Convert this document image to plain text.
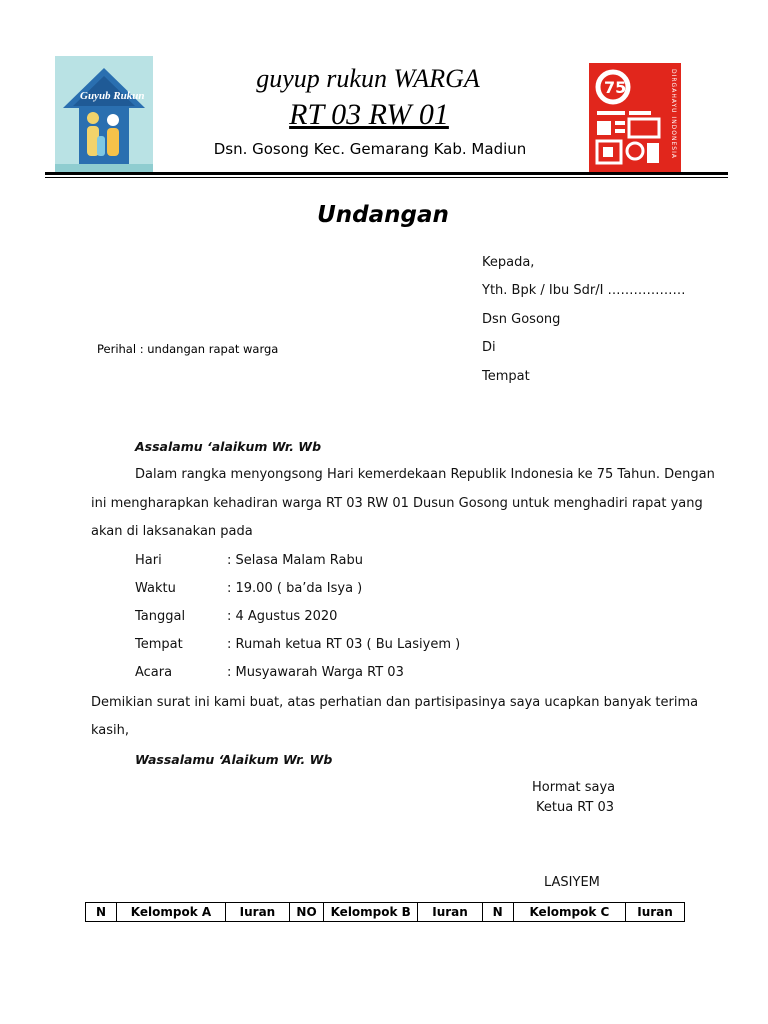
Guyub Rukun
guyup rukun WARGA
RT 03 RW 01
Dsn. Gosong Kec. Gemarang Kab. Madiun
75	DIRGAHAYU INDONESIA
Undangan
Kepada,
Yth. Bpk / Ibu Sdr/I ………………
Dsn Gosong
Di
Tempat
Perihal : undangan rapat warga
Assalamu ‘alaikum Wr. Wb
Dalam rangka menyongsong Hari kemerdekaan Republik Indonesia ke 75 Tahun. Dengan
ini mengharapkan kehadiran warga RT 03 RW 01 Dusun Gosong untuk menghadiri rapat yang
akan di laksanakan pada
Hari	: Selasa Malam Rabu
Waktu	: 19.00 ( ba’da Isya )
Tanggal	: 4 Agustus 2020
Tempat	: Rumah ketua RT 03 ( Bu Lasiyem )
Acara	: Musyawarah Warga RT 03
Demikian surat ini kami buat, atas perhatian dan partisipasinya saya ucapkan banyak terima
kasih,
Wassalamu ‘Alaikum Wr. Wb
Hormat saya
Ketua RT 03
LASIYEM
N	Kelompok A	Iuran	NO	Kelompok B	Iuran	N	Kelompok C	Iuran
